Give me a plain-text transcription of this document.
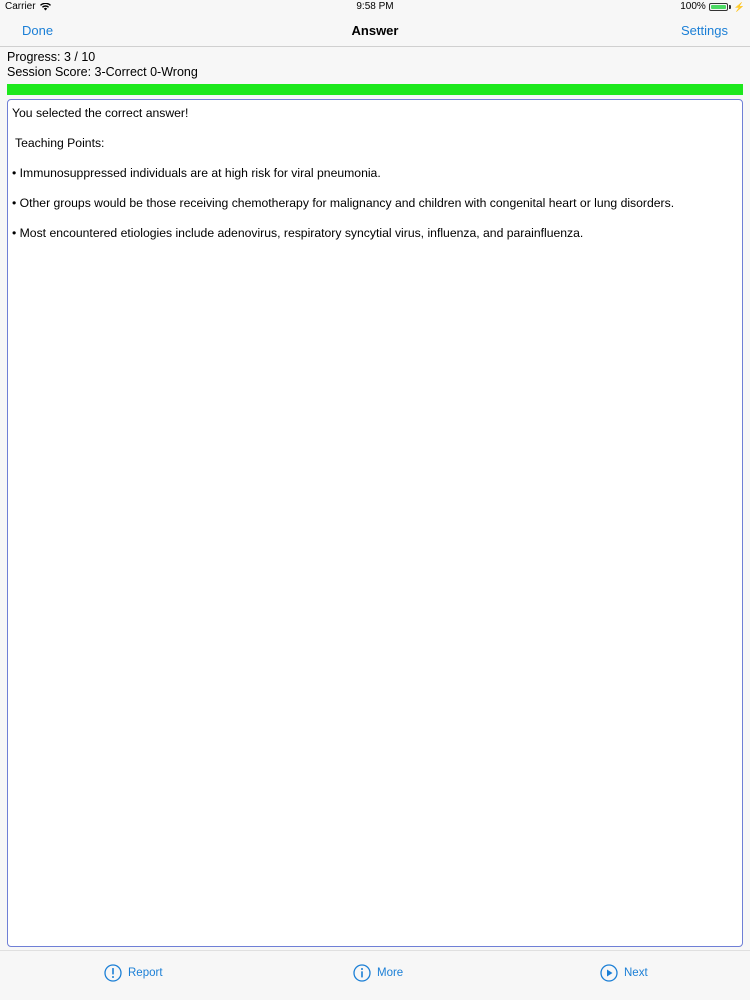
Carrier	9:58 PM	100%	⚡
Done	Answer	Settings
Progress: 3 / 10
Session Score: 3-Correct 0-Wrong

You selected the correct answer!

Teaching Points:

• Immunosuppressed individuals are at high risk for viral pneumonia.

• Other groups would be those receiving chemotherapy for malignancy and children with congenital heart or lung disorders.

• Most encountered etiologies include adenovirus, respiratory syncytial virus, influenza, and parainfluenza.

Report	More	Next
